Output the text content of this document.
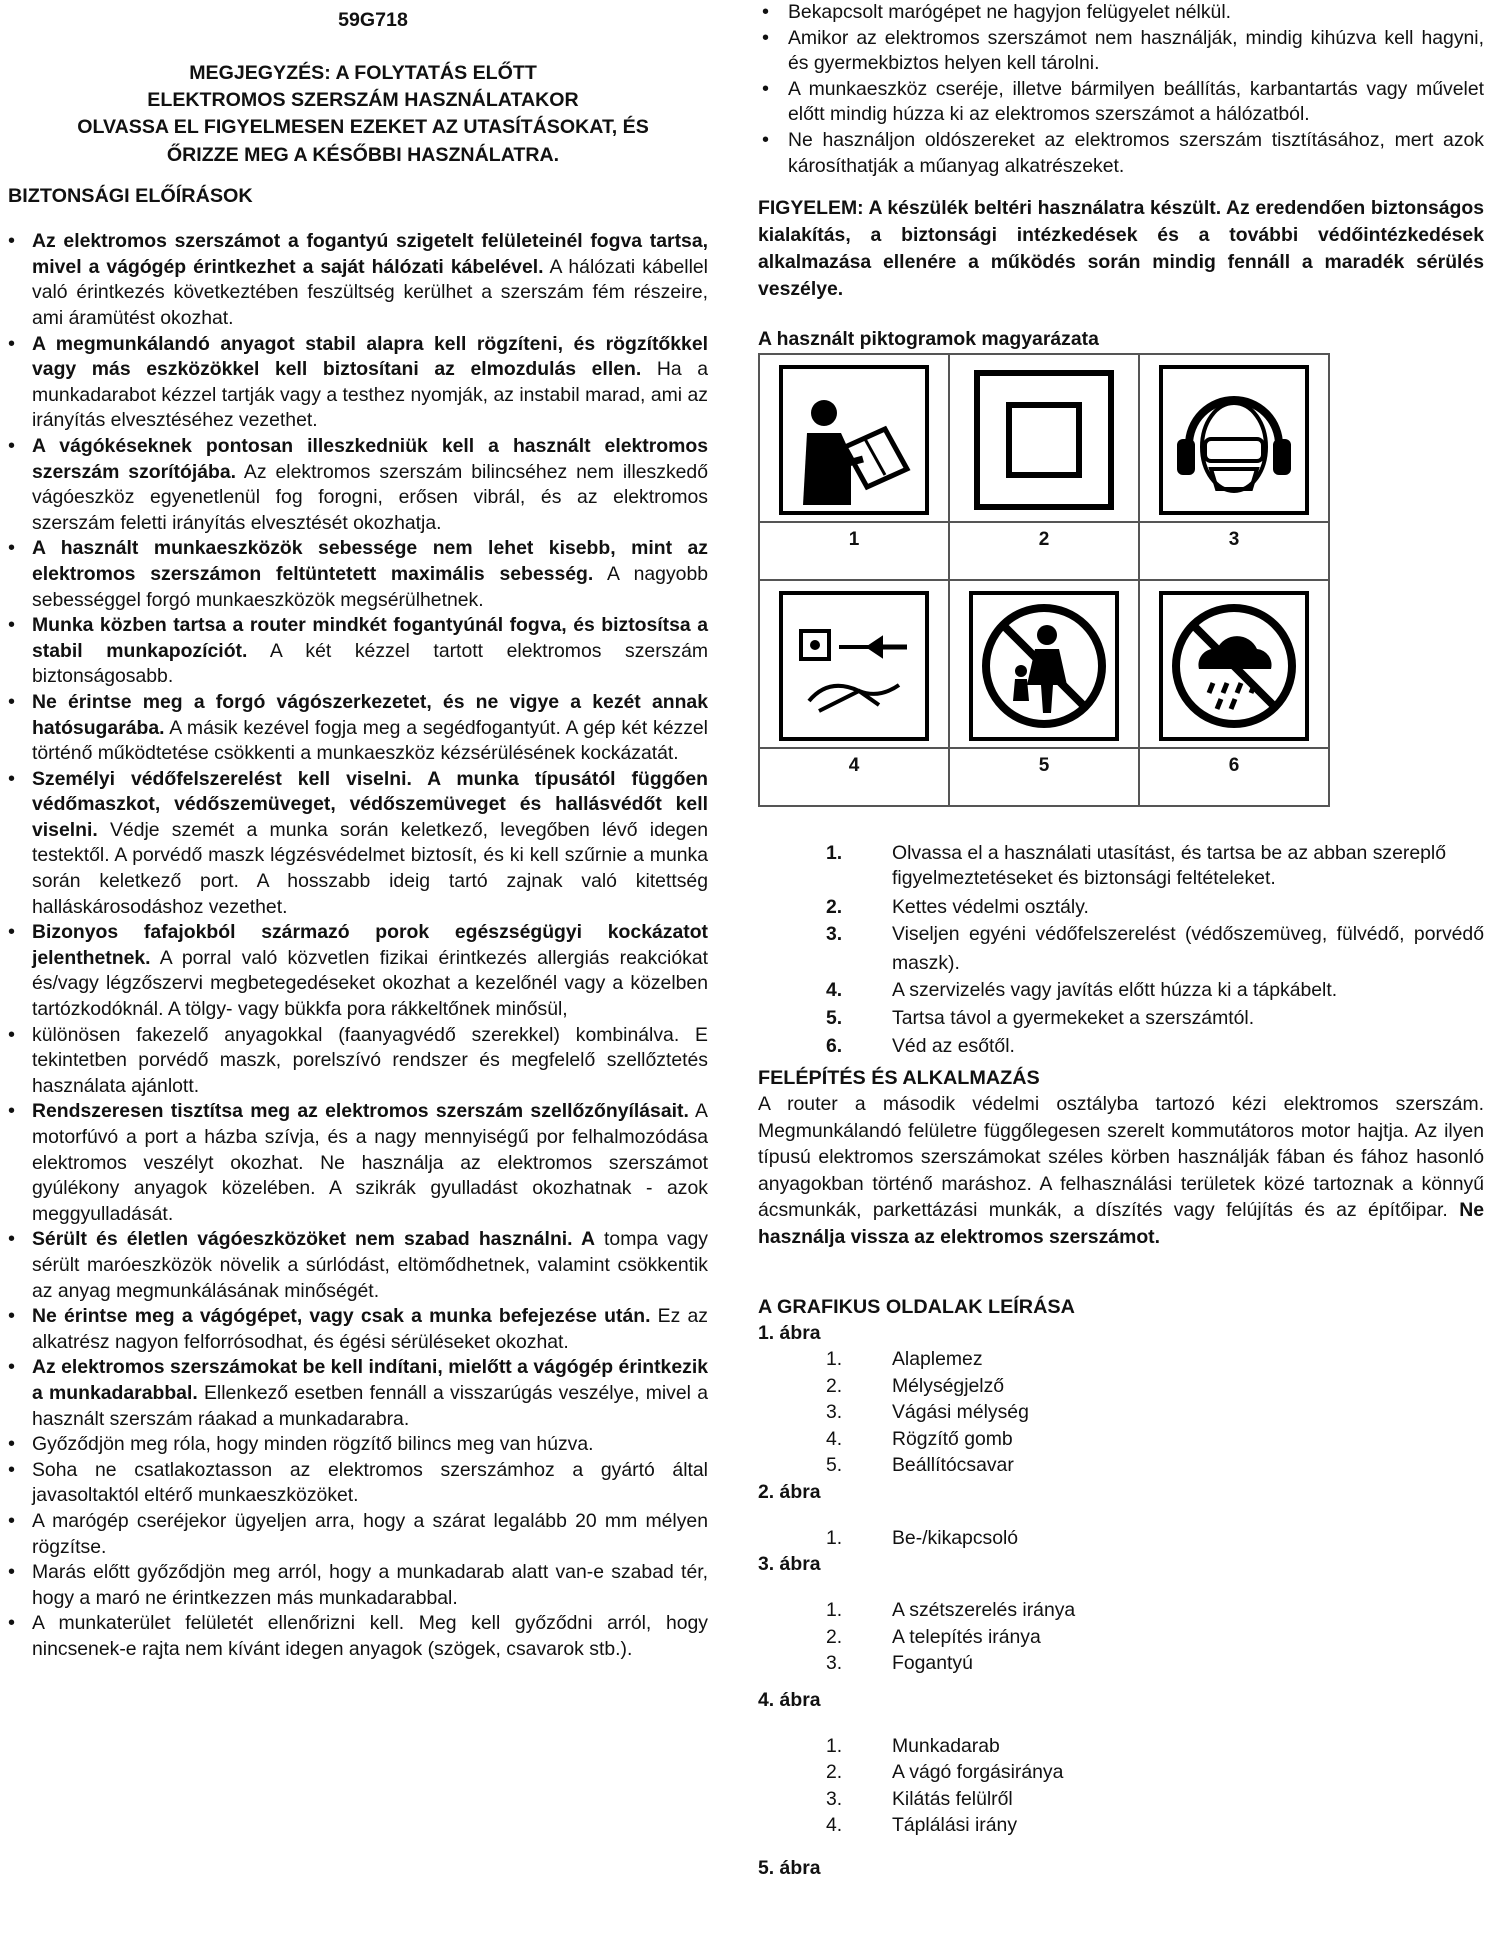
59G718
MEGJEGYZÉS: A FOLYTATÁS ELŐTT
ELEKTROMOS SZERSZÁM HASZNÁLATAKOR
OLVASSA EL FIGYELMESEN EZEKET AZ UTASÍTÁSOKAT, ÉS
ŐRIZZE MEG A KÉSŐBBI HASZNÁLATRA.
BIZTONSÁGI ELŐÍRÁSOK
• Az elektromos szerszámot a fogantyú szigetelt felületeinél fogva tartsa, mivel a vágógép érintkezhet a saját hálózati kábelével. A hálózati kábellel való érintkezés következtében feszültség kerülhet a szerszám fém részeire, ami áramütést okozhat.
• A megmunkálandó anyagot stabil alapra kell rögzíteni, és rögzítőkkel vagy más eszközökkel kell biztosítani az elmozdulás ellen. Ha a munkadarabot kézzel tartják vagy a testhez nyomják, az instabil marad, ami az irányítás elvesztéséhez vezethet.
• A vágókéseknek pontosan illeszkedniük kell a használt elektromos szerszám szorítójába. Az elektromos szerszám bilincséhez nem illeszkedő vágóeszköz egyenetlenül fog forogni, erősen vibrál, és az elektromos szerszám feletti irányítás elvesztését okozhatja.
• A használt munkaeszközök sebessége nem lehet kisebb, mint az elektromos szerszámon feltüntetett maximális sebesség. A nagyobb sebességgel forgó munkaeszközök megsérülhetnek.
• Munka közben tartsa a router mindkét fogantyúnál fogva, és biztosítsa a stabil munkapozíciót. A két kézzel tartott elektromos szerszám biztonságosabb.
• Ne érintse meg a forgó vágószerkezetet, és ne vigye a kezét annak hatósugarába. A másik kezével fogja meg a segédfogantyút. A gép két kézzel történő működtetése csökkenti a munkaeszköz kézsérülésének kockázatát.
• Személyi védőfelszerelést kell viselni. A munka típusától függően védőmaszkot, védőszemüveget, védőszemüveget és hallásvédőt kell viselni. Védje szemét a munka során keletkező, levegőben lévő idegen testektől. A porvédő maszk légzésvédelmet biztosít, és ki kell szűrnie a munka során keletkező port. A hosszabb ideig tartó zajnak való kitettség halláskárosodáshoz vezethet.
• Bizonyos fafajokból származó porok egészségügyi kockázatot jelenthetnek. A porral való közvetlen fizikai érintkezés allergiás reakciókat és/vagy légzőszervi megbetegedéseket okozhat a kezelőnél vagy a közelben tartózkodóknál. A tölgy- vagy bükkfa pora rákkeltőnek minősül,
• különösen fakezelő anyagokkal (faanyagvédő szerekkel) kombinálva. E tekintetben porvédő maszk, porelszívó rendszer és megfelelő szellőztetés használata ajánlott.
• Rendszeresen tisztítsa meg az elektromos szerszám szellőzőnyílásait. A motorfúvó a port a házba szívja, és a nagy mennyiségű por felhalmozódása elektromos veszélyt okozhat. Ne használja az elektromos szerszámot gyúlékony anyagok közelében. A szikrák gyulladást okozhatnak - azok meggyulladását.
• Sérült és életlen vágóeszközöket nem szabad használni. A tompa vagy sérült maróeszközök növelik a súrlódást, eltömődhetnek, valamint csökkentik az anyag megmunkálásának minőségét.
• Ne érintse meg a vágógépet, vagy csak a munka befejezése után. Ez az alkatrész nagyon felforrósodhat, és égési sérüléseket okozhat.
• Az elektromos szerszámokat be kell indítani, mielőtt a vágógép érintkezik a munkadarabbal. Ellenkező esetben fennáll a visszarúgás veszélye, mivel a használt szerszám ráakad a munkadarabra.
• Győződjön meg róla, hogy minden rögzítő bilincs meg van húzva.
• Soha ne csatlakoztasson az elektromos szerszámhoz a gyártó által javasoltaktól eltérő munkaeszközöket.
• A marógép cseréjekor ügyeljen arra, hogy a szárat legalább 20 mm mélyen rögzítse.
• Marás előtt győződjön meg arról, hogy a munkadarab alatt van-e szabad tér, hogy a maró ne érintkezzen más munkadarabbal.
• A munkaterület felületét ellenőrizni kell. Meg kell győződni arról, hogy nincsenek-e rajta nem kívánt idegen anyagok (szögek, csavarok stb.).
• Bekapcsolt marógépet ne hagyjon felügyelet nélkül.
• Amikor az elektromos szerszámot nem használják, mindig kihúzva kell hagyni, és gyermekbiztos helyen kell tárolni.
• A munkaeszköz cseréje, illetve bármilyen beállítás, karbantartás vagy művelet előtt mindig húzza ki az elektromos szerszámot a hálózatból.
• Ne használjon oldószereket az elektromos szerszám tisztításához, mert azok károsíthatják a műanyag alkatrészeket.

FIGYELEM: A készülék beltéri használatra készült. Az eredendően biztonságos kialakítás, a biztonsági intézkedések és a további védőintézkedések alkalmazása ellenére a működés során mindig fennáll a maradék sérülés veszélye.

A használt piktogramok magyarázata

1	2	3

4	5	6
1.	Olvassa el a használati utasítást, és tartsa be az abban szereplő figyelmeztetéseket és biztonsági feltételeket.
2.	Kettes védelmi osztály.
3.	Viseljen egyéni védőfelszerelést (védőszemüveg, fülvédő, porvédő maszk).
4.	A szervizelés vagy javítás előtt húzza ki a tápkábelt.
5.	Tartsa távol a gyermekeket a szerszámtól.
6.	Véd az esőtől.
FELÉPÍTÉS ÉS ALKALMAZÁS

A router a második védelmi osztályba tartozó kézi elektromos szerszám. Megmunkálandó felületre függőlegesen szerelt kommutátoros motor hajtja. Az ilyen típusú elektromos szerszámokat széles körben használják fában és fához hasonló anyagokban történő maráshoz. A felhasználási területek közé tartoznak a könnyű ácsmunkák, parkettázási munkák, a díszítés vagy felújítás és az építőipar. Ne használja vissza az elektromos szerszámot.

A GRAFIKUS OLDALAK LEÍRÁSA
1. ábra
1.	Alaplemez
2.	Mélységjelző
3.	Vágási mélység
4.	Rögzítő gomb
5.	Beállítócsavar
2. ábra
1.	Be-/kikapcsoló
3. ábra
1.	A szétszerelés iránya
2.	A telepítés iránya
3.	Fogantyú
4. ábra
1.	Munkadarab
2.	A vágó forgásiránya
3.	Kilátás felülről
4.	Táplálási irány
5. ábra
